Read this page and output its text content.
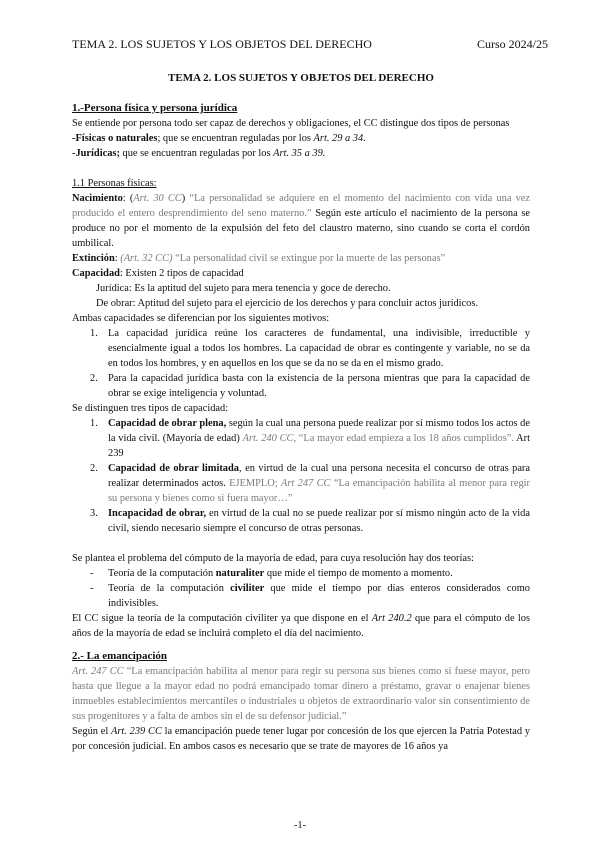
TEMA 2. LOS SUJETOS Y LOS OBJETOS DEL DERECHO	Curso 2024/25
TEMA 2. LOS SUJETOS Y OBJETOS DEL DERECHO
1.-Persona física y persona jurídica

Se entiende por persona todo ser capaz de derechos y obligaciones, el CC distingue dos tipos de personas

-Físicas o naturales; que se encuentran reguladas por los Art. 29 a 34.

-Jurídicas; que se encuentran reguladas por los Art. 35 a 39.

1.1 Personas físicas:

Nacimiento: (Art. 30 CC) “La personalidad se adquiere en el momento del nacimiento con vida una vez producido el entero desprendimiento del seno materno.” Según este artículo el nacimiento de la persona se produce no por el momento de la expulsión del feto del claustro materno, sino cuando se corta el cordón umbilical.

Extinción: (Art. 32 CC) “La personalidad civil se extingue por la muerte de las personas”

Capacidad: Existen 2 tipos de capacidad

Jurídica: Es la aptitud del sujeto para mera tenencia y goce de derecho.

De obrar: Aptitud del sujeto para el ejercicio de los derechos y para concluir actos jurídicos.

Ambas capacidades se diferencian por los siguientes motivos:

1. La capacidad jurídica reúne los caracteres de fundamental, una indivisible, irreductible y esencialmente igual a todos los hombres. La capacidad de obrar es contingente y variable, no se da en todos los hombres, y en aquellos en los que se da no se da en el mismo grado.
2. Para la capacidad jurídica basta con la existencia de la persona mientras que para la capacidad de obrar se exige inteligencia y voluntad.

Se distinguen tres tipos de capacidad:

1. Capacidad de obrar plena, según la cual una persona puede realizar por sí mismo todos los actos de la vida civil. (Mayoría de edad) Art. 240 CC, “La mayor edad empieza a los 18 años cumplidos”. Art 239
2. Capacidad de obrar limitada, en virtud de la cual una persona necesita el concurso de otras para realizar determinados actos. EJEMPLO; Art 247 CC “La emancipación habilita al menor para regir su persona y bienes como si fuera mayor…”
3. Incapacidad de obrar, en virtud de la cual no se puede realizar por sí mismo ningún acto de la vida civil, siendo necesario siempre el concurso de otras personas.

Se plantea el problema del cómputo de la mayoría de edad, para cuya resolución hay dos teorías:

- Teoría de la computación naturaliter que mide el tiempo de momento a momento.
- Teoría de la computación civiliter que mide el tiempo por días enteros considerados como indivisibles.

El CC sigue la teoría de la computación civiliter ya que dispone en el Art 240.2 que para el cómputo de los años de la mayoría de edad se incluirá completo el día del nacimiento.

2.- La emancipación

Art. 247 CC “La emancipación habilita al menor para regir su persona sus bienes como si fuese mayor, pero hasta que llegue a la mayor edad no podrá emancipado tomar dinero a préstamo, gravar o enajenar bienes inmuebles establecimientos mercantiles o industriales u objetos de extraordinario valor sin consentimiento de sus progenitores y a falta de ambos sin el de su defensor judicial.”

Según el Art. 239 CC la emancipación puede tener lugar por concesión de los que ejercen la Patria Potestad y por concesión judicial. En ambos casos es necesario que se trate de mayores de 16 años ya

-1-
